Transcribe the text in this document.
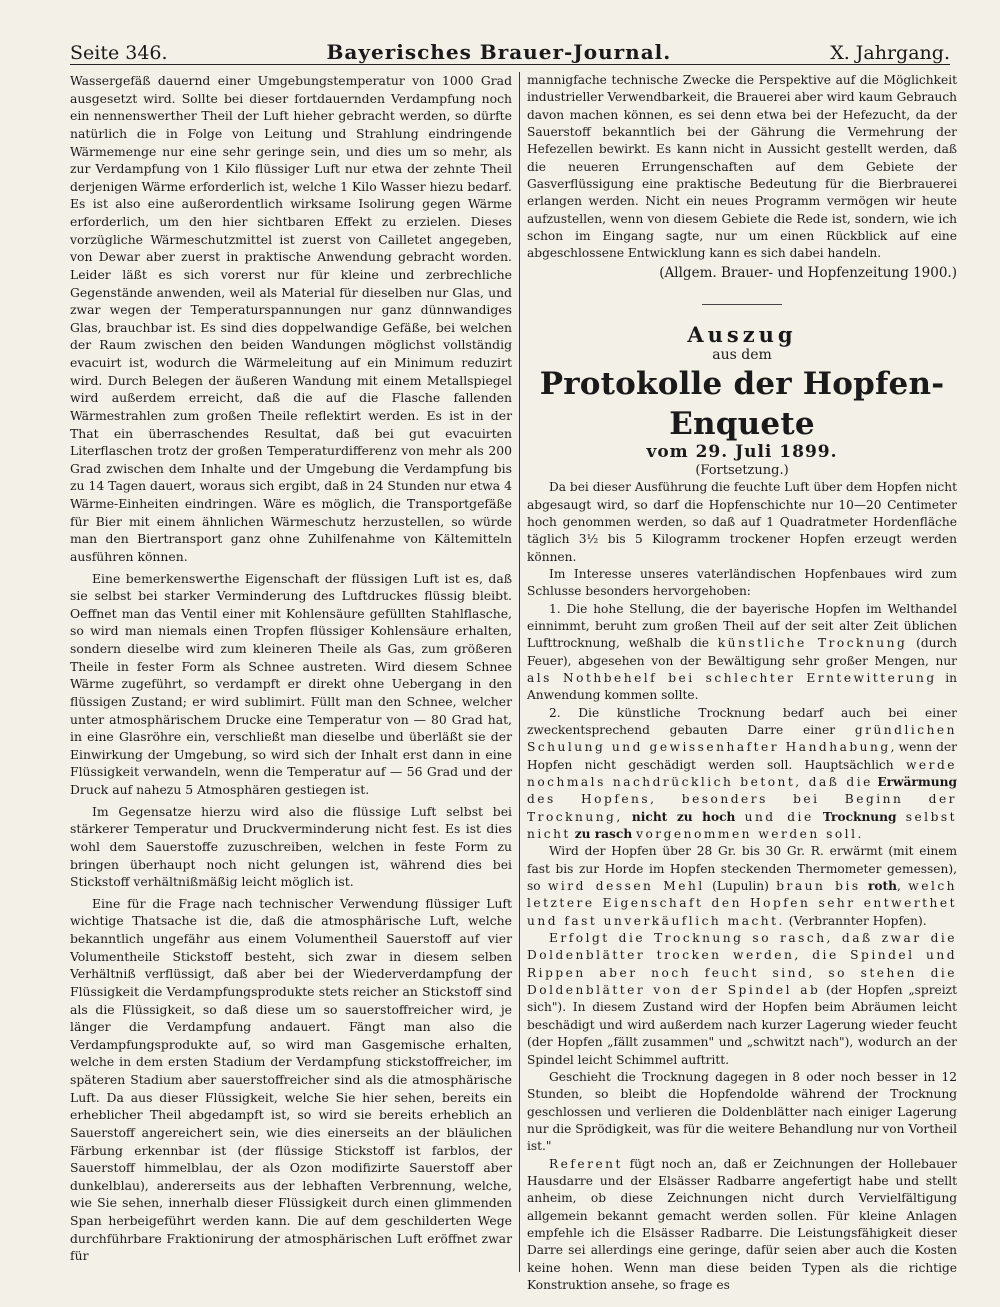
Seite 346.	Bayerisches Brauer-Journal.	X. Jahrgang.

Wassergefäß dauernd einer Umgebungstemperatur von 1000 Grad ausgesetzt wird. Sollte bei dieser fortdauernden Verdampfung noch ein nennenswerther Theil der Luft hieher gebracht werden, so dürfte natürlich die in Folge von Leitung und Strahlung eindringende Wärmemenge nur eine sehr geringe sein, und dies um so mehr, als zur Verdampfung von 1 Kilo flüssiger Luft nur etwa der zehnte Theil derjenigen Wärme erforderlich ist, welche 1 Kilo Wasser hiezu bedarf. Es ist also eine außerordentlich wirksame Isolirung gegen Wärme erforderlich, um den hier sichtbaren Effekt zu erzielen. Dieses vorzügliche Wärmeschutzmittel ist zuerst von Cailletet angegeben, von Dewar aber zuerst in praktische Anwendung gebracht worden. Leider läßt es sich vorerst nur für kleine und zerbrechliche Gegenstände anwenden, weil als Material für dieselben nur Glas, und zwar wegen der Temperaturspannungen nur ganz dünnwandiges Glas, brauchbar ist. Es sind dies doppelwandige Gefäße, bei welchen der Raum zwischen den beiden Wandungen möglichst vollständig evacuirt ist, wodurch die Wärmeleitung auf ein Minimum reduzirt wird. Durch Belegen der äußeren Wandung mit einem Metallspiegel wird außerdem erreicht, daß die auf die Flasche fallenden Wärmestrahlen zum großen Theile reflektirt werden. Es ist in der That ein überraschendes Resultat, daß bei gut evacuirten Literflaschen trotz der großen Temperaturdifferenz von mehr als 200 Grad zwischen dem Inhalte und der Umgebung die Verdampfung bis zu 14 Tagen dauert, woraus sich ergibt, daß in 24 Stunden nur etwa 4 Wärme-Einheiten eindringen. Wäre es möglich, die Transportgefäße für Bier mit einem ähnlichen Wärmeschutz herzustellen, so würde man den Biertransport ganz ohne Zuhilfenahme von Kältemitteln ausführen können.

Eine bemerkenswerthe Eigenschaft der flüssigen Luft ist es, daß sie selbst bei starker Verminderung des Luftdruckes flüssig bleibt. Oeffnet man das Ventil einer mit Kohlensäure gefüllten Stahlflasche, so wird man niemals einen Tropfen flüssiger Kohlensäure erhalten, sondern dieselbe wird zum kleineren Theile als Gas, zum größeren Theile in fester Form als Schnee austreten. Wird diesem Schnee Wärme zugeführt, so verdampft er direkt ohne Uebergang in den flüssigen Zustand; er wird sublimirt. Füllt man den Schnee, welcher unter atmosphärischem Drucke eine Temperatur von — 80 Grad hat, in eine Glasröhre ein, verschließt man dieselbe und überläßt sie der Einwirkung der Umgebung, so wird sich der Inhalt erst dann in eine Flüssigkeit verwandeln, wenn die Temperatur auf — 56 Grad und der Druck auf nahezu 5 Atmosphären gestiegen ist.

Im Gegensatze hierzu wird also die flüssige Luft selbst bei stärkerer Temperatur und Druckverminderung nicht fest. Es ist dies wohl dem Sauerstoffe zuzuschreiben, welchen in feste Form zu bringen überhaupt noch nicht gelungen ist, während dies bei Stickstoff verhältnißmäßig leicht möglich ist.

Eine für die Frage nach technischer Verwendung flüssiger Luft wichtige Thatsache ist die, daß die atmosphärische Luft, welche bekanntlich ungefähr aus einem Volumentheil Sauerstoff auf vier Volumentheile Stickstoff besteht, sich zwar in diesem selben Verhältniß verflüssigt, daß aber bei der Wiederverdampfung der Flüssigkeit die Verdampfungsprodukte stets reicher an Stickstoff sind als die Flüssigkeit, so daß diese um so sauerstoffreicher wird, je länger die Verdampfung andauert. Fängt man also die Verdampfungsprodukte auf, so wird man Gasgemische erhalten, welche in dem ersten Stadium der Verdampfung stickstoffreicher, im späteren Stadium aber sauerstoffreicher sind als die atmosphärische Luft. Da aus dieser Flüssigkeit, welche Sie hier sehen, bereits ein erheblicher Theil abgedampft ist, so wird sie bereits erheblich an Sauerstoff angereichert sein, wie dies einerseits an der bläulichen Färbung erkennbar ist (der flüssige Stickstoff ist farblos, der Sauerstoff himmelblau, der als Ozon modifizirte Sauerstoff aber dunkelblau), andererseits aus der lebhaften Verbrennung, welche, wie Sie sehen, innerhalb dieser Flüssigkeit durch einen glimmenden Span herbeigeführt werden kann. Die auf dem geschilderten Wege durchführbare Fraktionirung der atmosphärischen Luft eröffnet zwar für

mannigfache technische Zwecke die Perspektive auf die Möglichkeit industrieller Verwendbarkeit, die Brauerei aber wird kaum Gebrauch davon machen können, es sei denn etwa bei der Hefezucht, da der Sauerstoff bekanntlich bei der Gährung die Vermehrung der Hefezellen bewirkt. Es kann nicht in Aussicht gestellt werden, daß die neueren Errungenschaften auf dem Gebiete der Gasverflüssigung eine praktische Bedeutung für die Bierbrauerei erlangen werden. Nicht ein neues Programm vermögen wir heute aufzustellen, wenn von diesem Gebiete die Rede ist, sondern, wie ich schon im Eingang sagte, nur um einen Rückblick auf eine abgeschlossene Entwicklung kann es sich dabei handeln.

(Allgem. Brauer- und Hopfenzeitung 1900.)

Auszug

aus dem

Protokolle der Hopfen-Enquete

vom 29. Juli 1899.

(Fortsetzung.)

Da bei dieser Ausführung die feuchte Luft über dem Hopfen nicht abgesaugt wird, so darf die Hopfenschichte nur 10—20 Centimeter hoch genommen werden, so daß auf 1 Quadratmeter Hordenfläche täglich 3½ bis 5 Kilogramm trockener Hopfen erzeugt werden können.

Im Interesse unseres vaterländischen Hopfenbaues wird zum Schlusse besonders hervorgehoben:

1. Die hohe Stellung, die der bayerische Hopfen im Welthandel einnimmt, beruht zum großen Theil auf der seit alter Zeit üblichen Lufttrocknung, weßhalb die künstliche Trocknung (durch Feuer), abgesehen von der Bewältigung sehr großer Mengen, nur als Nothbehelf bei schlechter Erntewitterung in Anwendung kommen sollte.

2. Die künstliche Trocknung bedarf auch bei einer zweckentsprechend gebauten Darre einer gründlichen Schulung und gewissenhafter Handhabung, wenn der Hopfen nicht geschädigt werden soll. Hauptsächlich werde nochmals nachdrücklich betont, daß die Erwärmung des Hopfens, besonders bei Beginn der Trocknung, nicht zu hoch und die Trocknung selbst nicht zu rasch vorgenommen werden soll.

Wird der Hopfen über 28 Gr. bis 30 Gr. R. erwärmt (mit einem fast bis zur Horde im Hopfen steckenden Thermometer gemessen), so wird dessen Mehl (Lupulin) braun bis roth, welch letztere Eigenschaft den Hopfen sehr entwerthet und fast unverkäuflich macht. (Verbrannter Hopfen).

Erfolgt die Trocknung so rasch, daß zwar die Doldenblätter trocken werden, die Spindel und Rippen aber noch feucht sind, so stehen die Doldenblätter von der Spindel ab (der Hopfen „spreizt sich"). In diesem Zustand wird der Hopfen beim Abräumen leicht beschädigt und wird außerdem nach kurzer Lagerung wieder feucht (der Hopfen „fällt zusammen" und „schwitzt nach"), wodurch an der Spindel leicht Schimmel auftritt.

Geschieht die Trocknung dagegen in 8 oder noch besser in 12 Stunden, so bleibt die Hopfendolde während der Trocknung geschlossen und verlieren die Doldenblätter nach einiger Lagerung nur die Sprödigkeit, was für die weitere Behandlung nur von Vortheil ist."

Referent fügt noch an, daß er Zeichnungen der Hollebauer Hausdarre und der Elsässer Radbarre angefertigt habe und stellt anheim, ob diese Zeichnungen nicht durch Vervielfältigung allgemein bekannt gemacht werden sollen. Für kleine Anlagen empfehle ich die Elsässer Radbarre. Die Leistungsfähigkeit dieser Darre sei allerdings eine geringe, dafür seien aber auch die Kosten keine hohen. Wenn man diese beiden Typen als die richtige Konstruktion ansehe, so frage es
